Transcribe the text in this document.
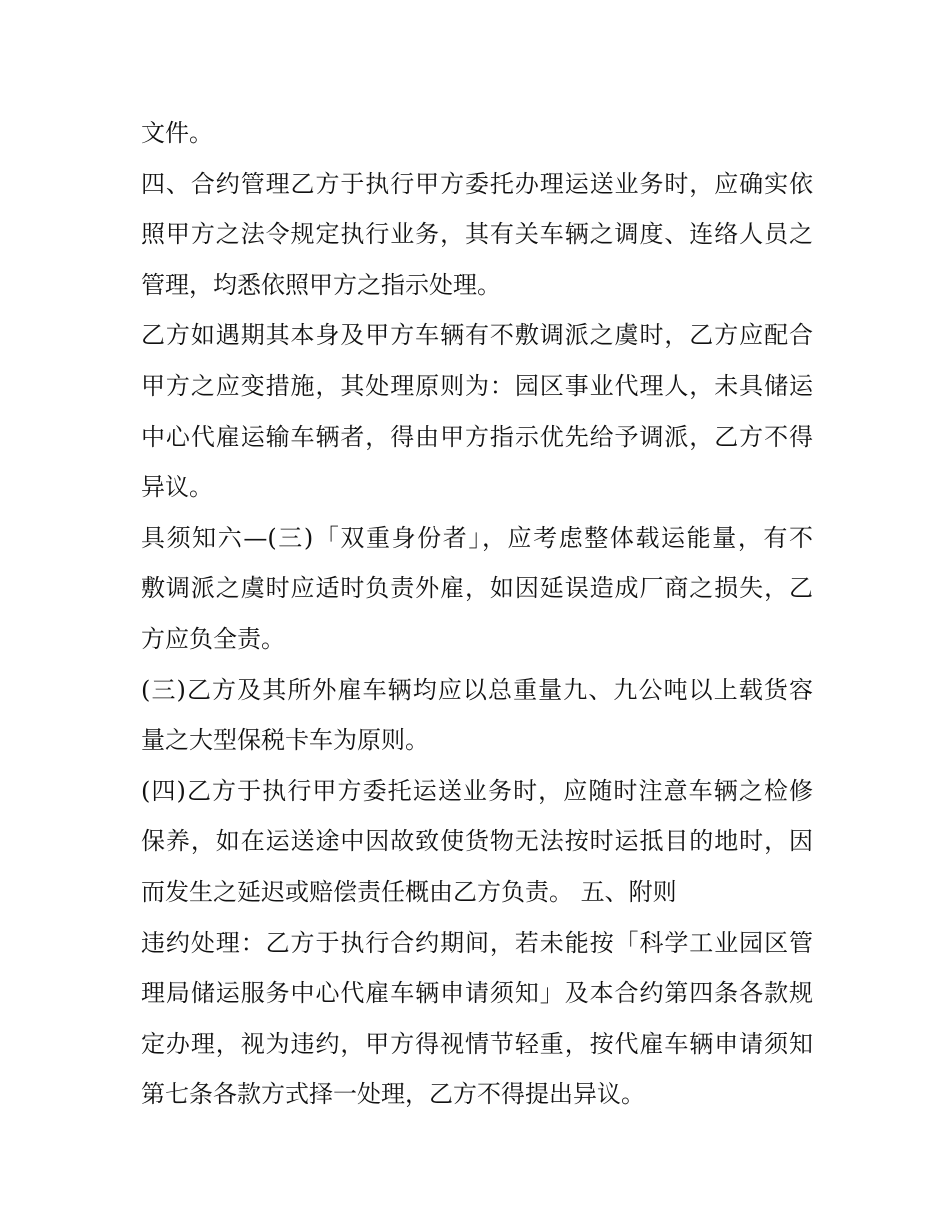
文件。
四、合约管理乙方于执行甲方委托办理运送业务时，应确实依
照甲方之法令规定执行业务，其有关车辆之调度、连络人员之
管理，均悉依照甲方之指示处理。
乙方如遇期其本身及甲方车辆有不敷调派之虞时，乙方应配合
甲方之应变措施，其处理原则为：园区事业代理人，未具储运
中心代雇运输车辆者，得由甲方指示优先给予调派，乙方不得
异议。
具须知六—(三)「双重身份者」，应考虑整体载运能量，有不
敷调派之虞时应适时负责外雇，如因延误造成厂商之损失，乙
方应负全责。
(三)乙方及其所外雇车辆均应以总重量九、九公吨以上载货容
量之大型保税卡车为原则。
(四)乙方于执行甲方委托运送业务时，应随时注意车辆之检修
保养，如在运送途中因故致使货物无法按时运抵目的地时，因
而发生之延迟或赔偿责任概由乙方负责。 五、附则
违约处理：乙方于执行合约期间，若未能按「科学工业园区管
理局储运服务中心代雇车辆申请须知」及本合约第四条各款规
定办理，视为违约，甲方得视情节轻重，按代雇车辆申请须知
第七条各款方式择一处理，乙方不得提出异议。
